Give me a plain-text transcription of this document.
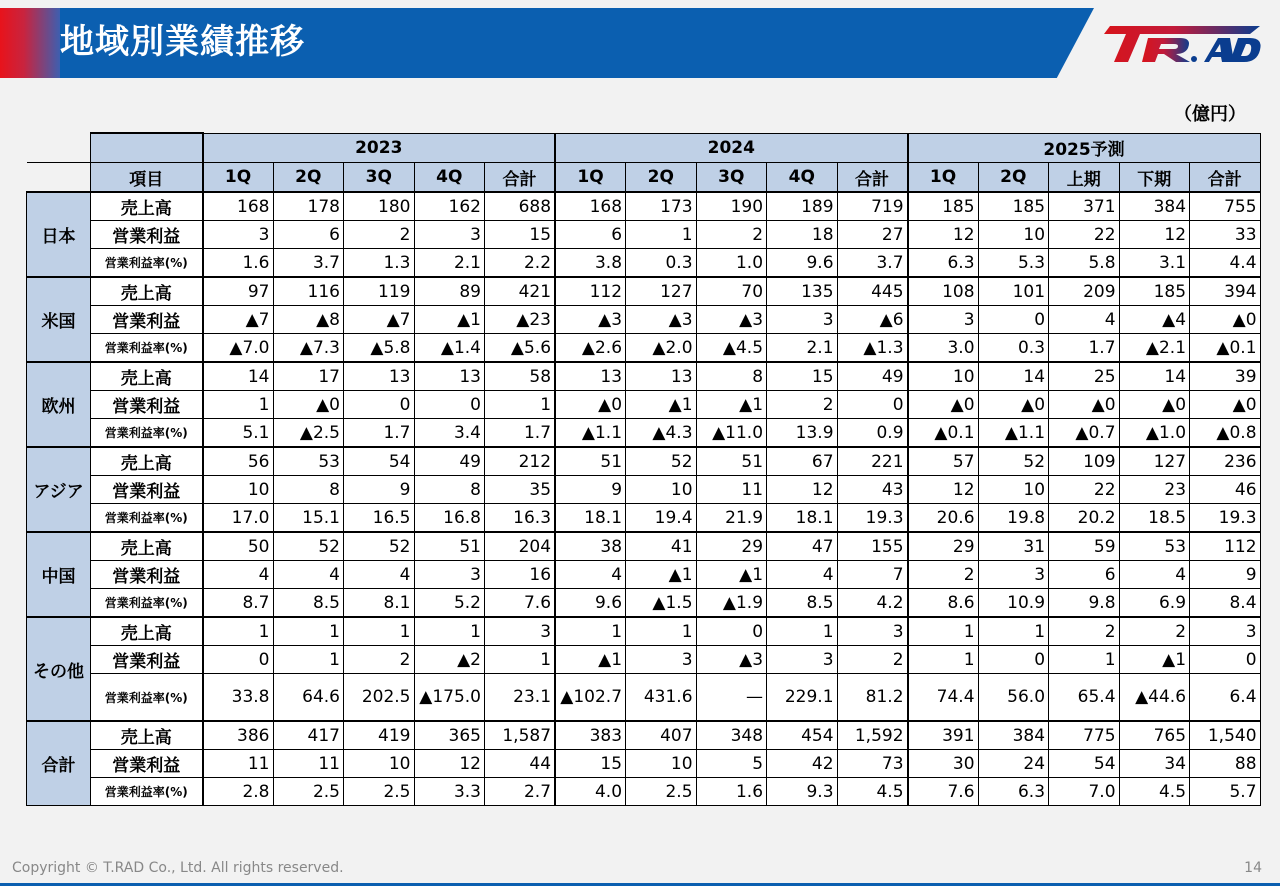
地域別業績推移
（億円）
		2023					2024					2025予測				
	項目	1Q	2Q	3Q	4Q	合計	1Q	2Q	3Q	4Q	合計	1Q	2Q	上期	下期	合計
日本	売上高	168	178	180	162	688	168	173	190	189	719	185	185	371	384	755
	営業利益	3	6	2	3	15	6	1	2	18	27	12	10	22	12	33
	営業利益率(%)	1.6	3.7	1.3	2.1	2.2	3.8	0.3	1.0	9.6	3.7	6.3	5.3	5.8	3.1	4.4
米国	売上高	97	116	119	89	421	112	127	70	135	445	108	101	209	185	394
	営業利益	▲7	▲8	▲7	▲1	▲23	▲3	▲3	▲3	3	▲6	3	0	4	▲4	▲0
	営業利益率(%)	▲7.0	▲7.3	▲5.8	▲1.4	▲5.6	▲2.6	▲2.0	▲4.5	2.1	▲1.3	3.0	0.3	1.7	▲2.1	▲0.1
欧州	売上高	14	17	13	13	58	13	13	8	15	49	10	14	25	14	39
	営業利益	1	▲0	0	0	1	▲0	▲1	▲1	2	0	▲0	▲0	▲0	▲0	▲0
	営業利益率(%)	5.1	▲2.5	1.7	3.4	1.7	▲1.1	▲4.3	▲11.0	13.9	0.9	▲0.1	▲1.1	▲0.7	▲1.0	▲0.8
アジア	売上高	56	53	54	49	212	51	52	51	67	221	57	52	109	127	236
	営業利益	10	8	9	8	35	9	10	11	12	43	12	10	22	23	46
	営業利益率(%)	17.0	15.1	16.5	16.8	16.3	18.1	19.4	21.9	18.1	19.3	20.6	19.8	20.2	18.5	19.3
中国	売上高	50	52	52	51	204	38	41	29	47	155	29	31	59	53	112
	営業利益	4	4	4	3	16	4	▲1	▲1	4	7	2	3	6	4	9
	営業利益率(%)	8.7	8.5	8.1	5.2	7.6	9.6	▲1.5	▲1.9	8.5	4.2	8.6	10.9	9.8	6.9	8.4
その他	売上高	1	1	1	1	3	1	1	0	1	3	1	1	2	2	3
	営業利益	0	1	2	▲2	1	▲1	3	▲3	3	2	1	0	1	▲1	0
	営業利益率(%)	33.8	64.6	202.5	▲175.0	23.1	▲102.7	431.6	—	229.1	81.2	74.4	56.0	65.4	▲44.6	6.4
合計	売上高	386	417	419	365	1,587	383	407	348	454	1,592	391	384	775	765	1,540
	営業利益	11	11	10	12	44	15	10	5	42	73	30	24	54	34	88
	営業利益率(%)	2.8	2.5	2.5	3.3	2.7	4.0	2.5	1.6	9.3	4.5	7.6	6.3	7.0	4.5	5.7
Copyright © T.RAD Co., Ltd. All rights reserved.	14
